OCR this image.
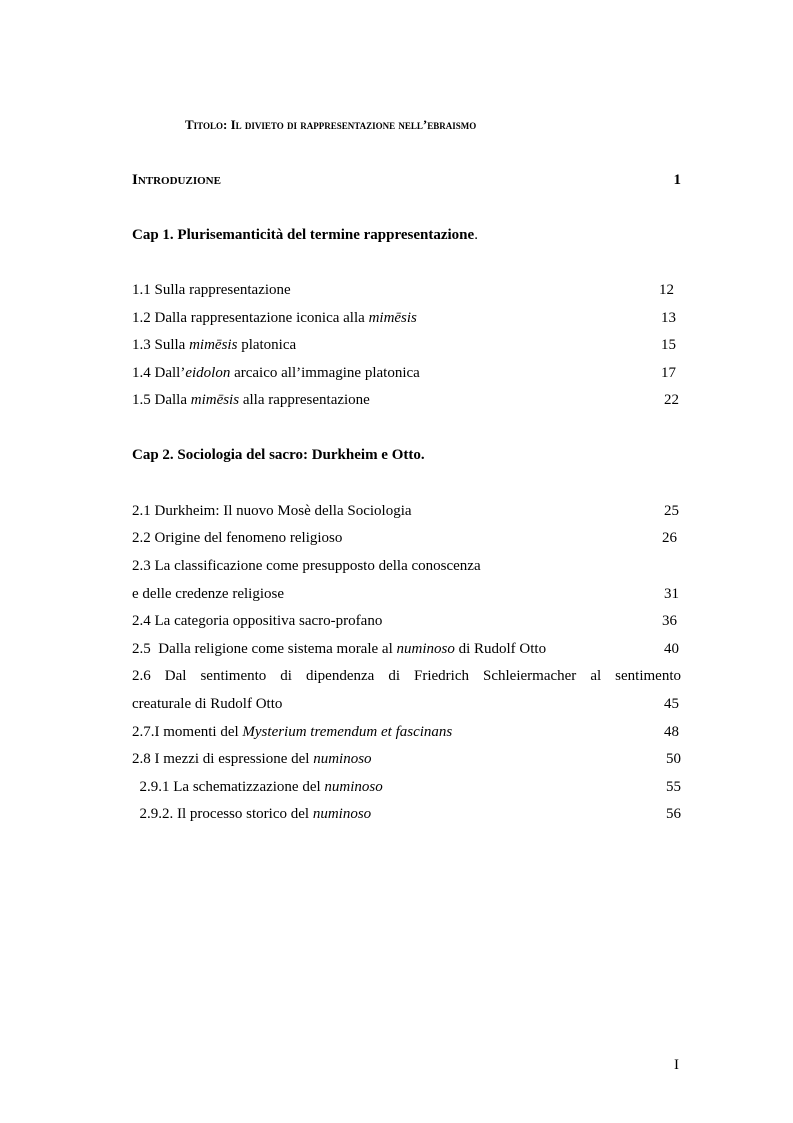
Titolo: Il divieto di rappresentazione nell’ebraismo
Introduzione	1
Cap 1. Plurisemanticità del termine rappresentazione.
1.1 Sulla rappresentazione	12
1.2 Dalla rappresentazione iconica alla mimēsis	13
1.3 Sulla mimēsis platonica	15
1.4 Dall’eidolon arcaico all’immagine platonica	17
1.5 Dalla mimēsis alla rappresentazione	22
Cap 2. Sociologia del sacro: Durkheim e Otto.
2.1 Durkheim: Il nuovo Mosè della Sociologia	25
2.2 Origine del fenomeno religioso	26
2.3 La classificazione come presupposto della conoscenza
e delle credenze religiose	31
2.4 La categoria oppositiva sacro-profano	36
2.5  Dalla religione come sistema morale al numinoso di Rudolf Otto	40
2.6 Dal sentimento di dipendenza di Friedrich Schleiermacher al sentimento
creaturale di Rudolf Otto	45
2.7.I momenti del Mysterium tremendum et fascinans	48
2.8 I mezzi di espressione del numinoso	50
2.9.1 La schematizzazione del numinoso	55
2.9.2. Il processo storico del numinoso	56
I
